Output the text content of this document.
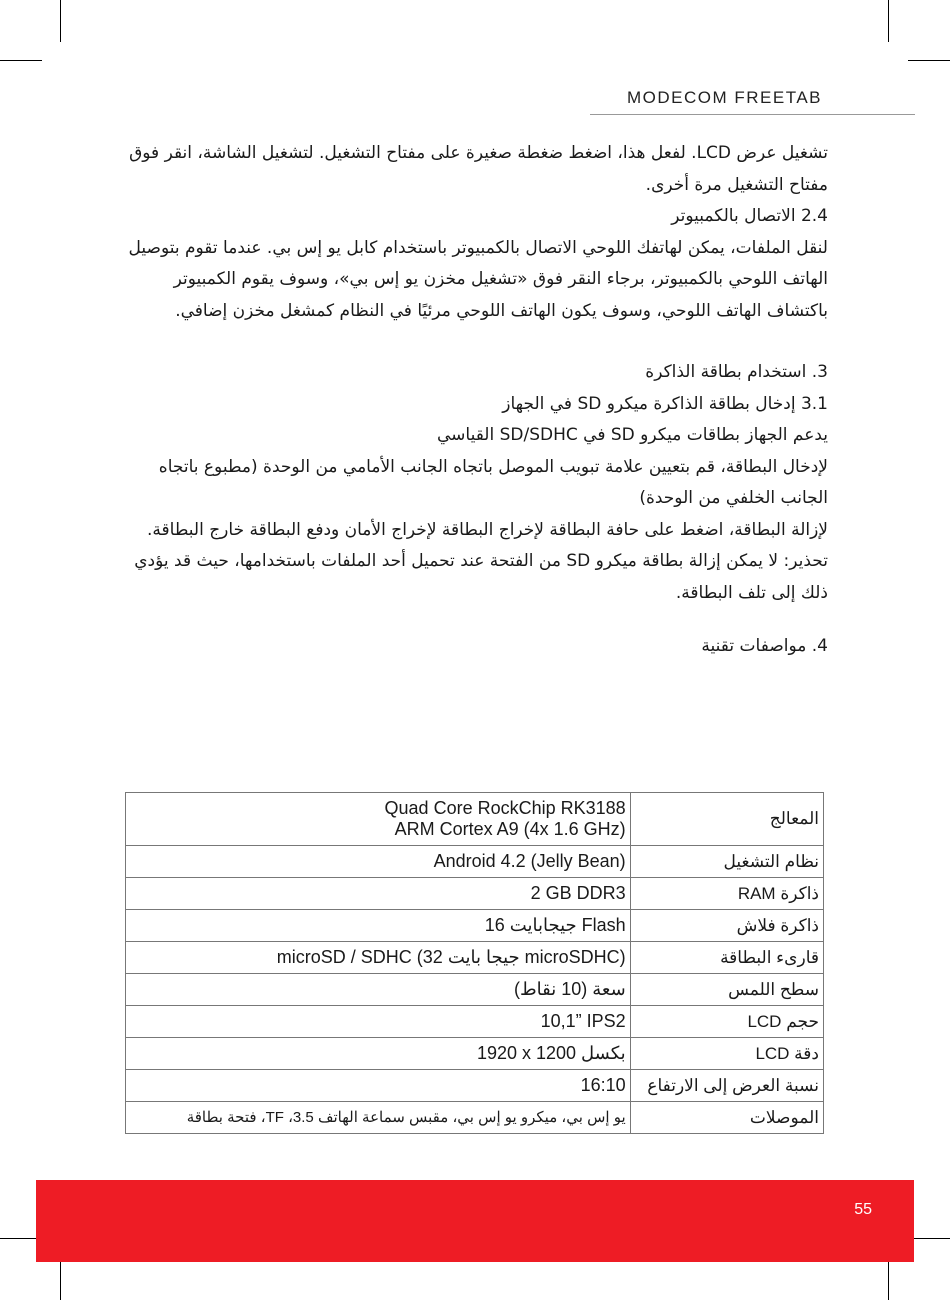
MODECOM FREETAB

تشغيل عرض LCD. لفعل هذا، اضغط ضغطة صغيرة على مفتاح التشغيل. لتشغيل الشاشة، انقر فوق مفتاح التشغيل مرة أخرى.

2.4 الاتصال بالكمبيوتر

لنقل الملفات، يمكن لهاتفك اللوحي الاتصال بالكمبيوتر باستخدام كابل يو إس بي. عندما تقوم بتوصيل الهاتف اللوحي بالكمبيوتر، برجاء النقر فوق «تشغيل مخزن يو إس بي»، وسوف يقوم الكمبيوتر باكتشاف الهاتف اللوحي، وسوف يكون الهاتف اللوحي مرئيًا في النظام كمشغل مخزن إضافي.

3. استخدام بطاقة الذاكرة

3.1 إدخال بطاقة الذاكرة ميكرو SD في الجهاز

يدعم الجهاز بطاقات ميكرو SD في SD/SDHC القياسي

لإدخال البطاقة، قم بتعيين علامة تبويب الموصل باتجاه الجانب الأمامي من الوحدة (مطبوع باتجاه الجانب الخلفي من الوحدة)

لإزالة البطاقة، اضغط على حافة البطاقة لإخراج البطاقة لإخراج الأمان ودفع البطاقة خارج البطاقة.

تحذير: لا يمكن إزالة بطاقة ميكرو SD من الفتحة عند تحميل أحد الملفات باستخدامها، حيث قد يؤدي ذلك إلى تلف البطاقة.

4. مواصفات تقنية

Quad Core RockChip RK3188
ARM Cortex A9 (4x 1.6 GHz)	المعالج
Android 4.2 (Jelly Bean)	نظام التشغيل
2 GB DDR3	ذاكرة RAM
16 جيجابايت Flash	ذاكرة فلاش
microSD / SDHC (32 جيجا بايت microSDHC)	قارىء البطاقة
سعة (10 نقاط)	سطح اللمس
10,1” IPS2	حجم LCD
1920 x 1200 بكسل	دقة LCD
16:10	نسبة العرض إلى الارتفاع
يو إس بي، ميكرو يو إس بي، مقبس سماعة الهاتف 3.5، TF، فتحة بطاقة	الموصلات
55
